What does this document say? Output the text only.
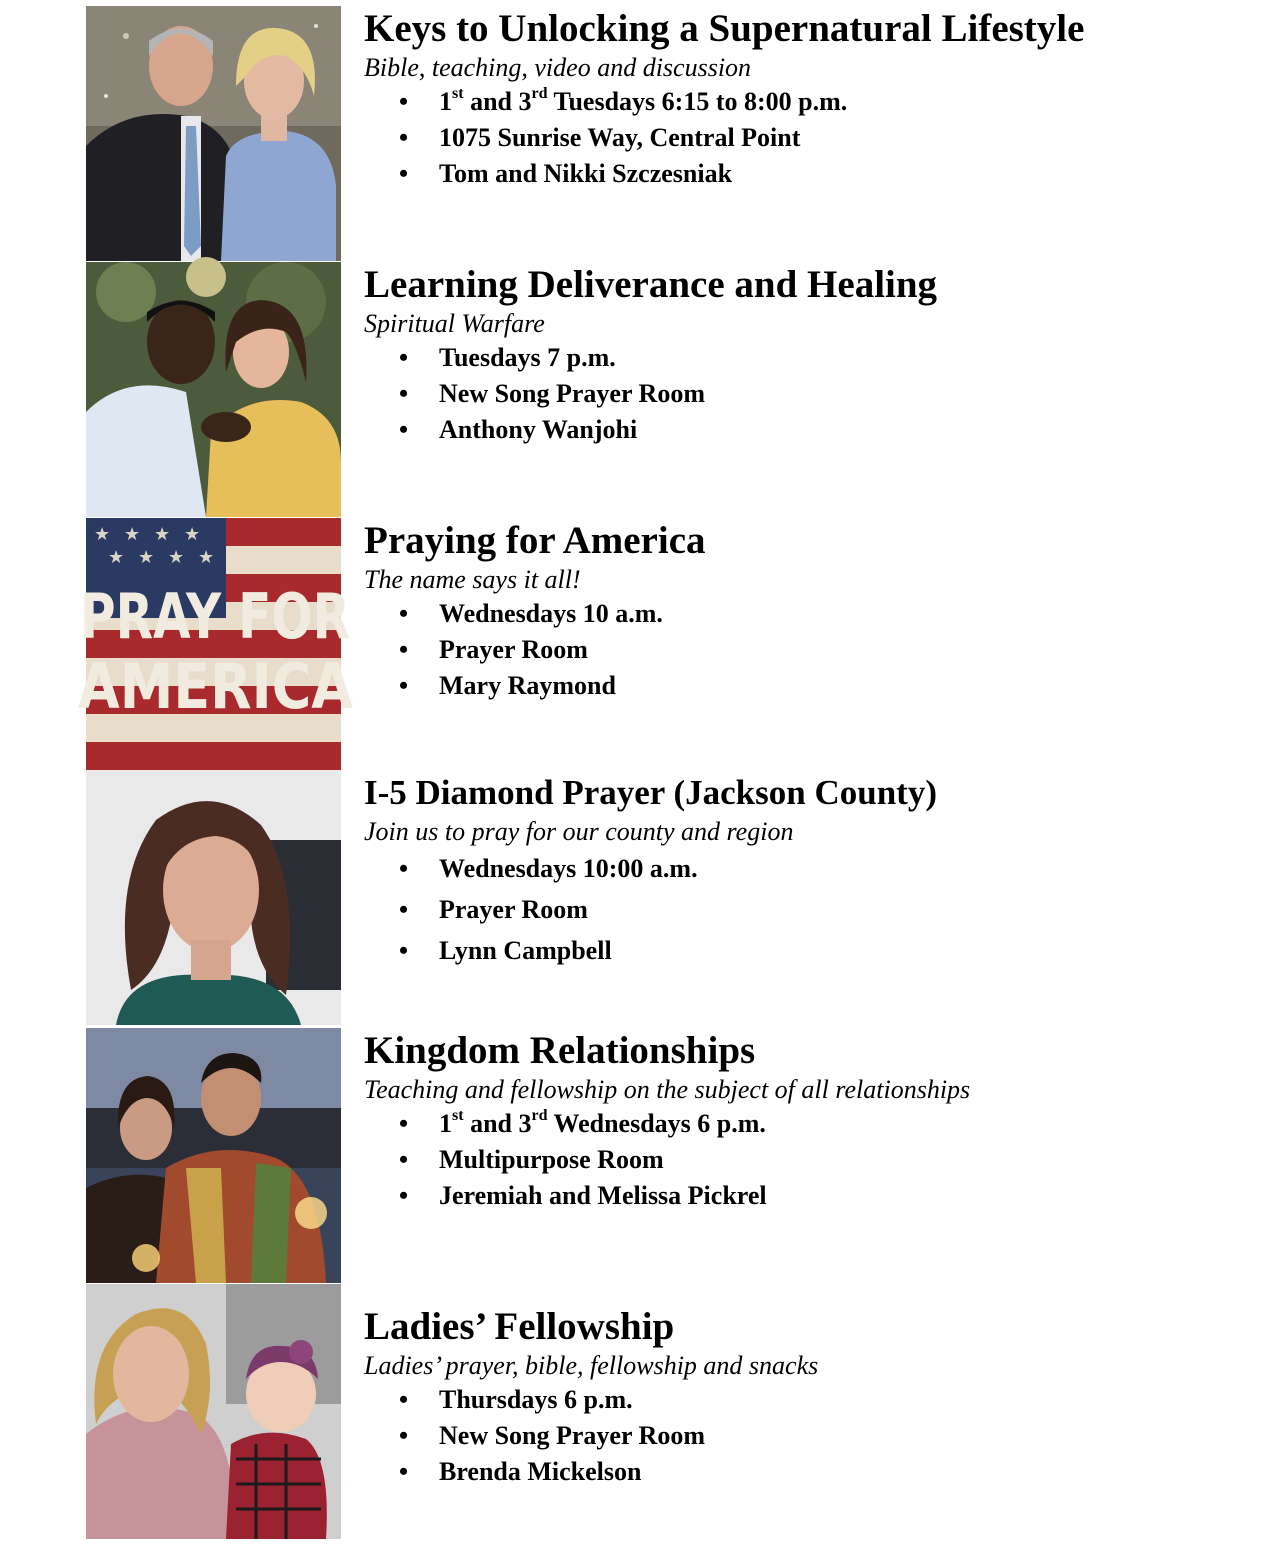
Keys to Unlocking a Supernatural Lifestyle

Bible, teaching, video and discussion

• 1st and 3rd Tuesdays 6:15 to 8:00 p.m.
• 1075 Sunrise Way, Central Point
• Tom and Nikki Szczesniak
Learning Deliverance and Healing

Spiritual Warfare

• Tuesdays 7 p.m.
• New Song Prayer Room
• Anthony Wanjohi
★ ★ ★ ★
★ ★ ★ ★
PRAY FOR
AMERICA
Praying for America

The name says it all!

• Wednesdays 10 a.m.
• Prayer Room
• Mary Raymond
I-5 Diamond Prayer (Jackson County)

Join us to pray for our county and region

• Wednesdays 10:00 a.m.
• Prayer Room
• Lynn Campbell
Kingdom Relationships

Teaching and fellowship on the subject of all relationships

• 1st and 3rd Wednesdays 6 p.m.
• Multipurpose Room
• Jeremiah and Melissa Pickrel
Ladies’ Fellowship

Ladies’ prayer, bible, fellowship and snacks

• Thursdays 6 p.m.
• New Song Prayer Room
• Brenda Mickelson
